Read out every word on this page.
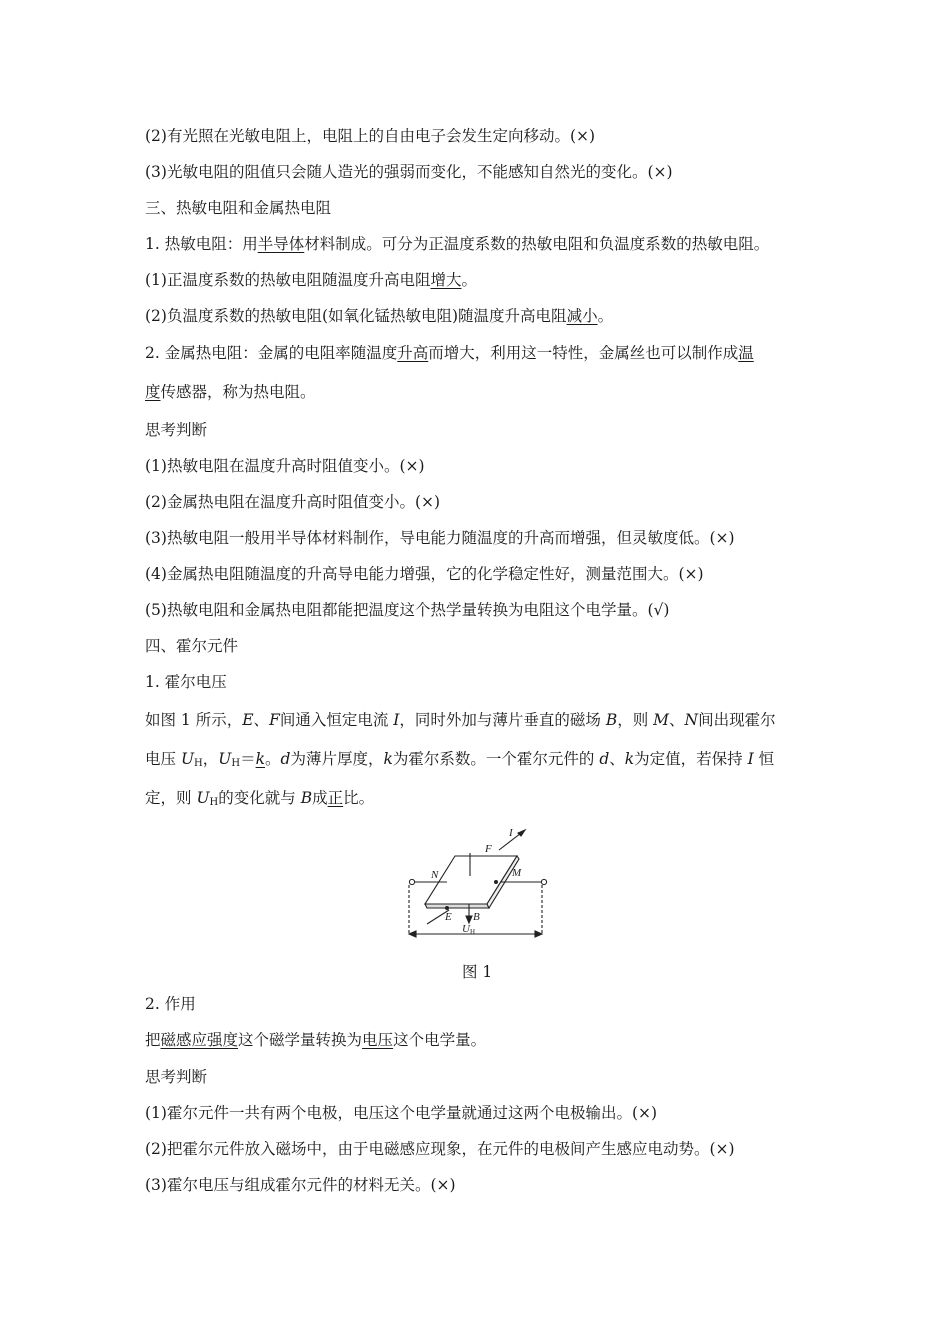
(2)有光照在光敏电阻上，电阻上的自由电子会发生定向移动。(×)
(3)光敏电阻的阻值只会随人造光的强弱而变化，不能感知自然光的变化。(×)
三、热敏电阻和金属热电阻
1. 热敏电阻：用半导体材料制成。可分为正温度系数的热敏电阻和负温度系数的热敏电阻。
(1)正温度系数的热敏电阻随温度升高电阻增大。
(2)负温度系数的热敏电阻(如氧化锰热敏电阻)随温度升高电阻减小。
2. 金属热电阻：金属的电阻率随温度升高而增大，利用这一特性，金属丝也可以制作成温
度传感器，称为热电阻。
思考判断
(1)热敏电阻在温度升高时阻值变小。(×)
(2)金属热电阻在温度升高时阻值变小。(×)
(3)热敏电阻一般用半导体材料制作，导电能力随温度的升高而增强，但灵敏度低。(×)
(4)金属热电阻随温度的升高导电能力增强，它的化学稳定性好，测量范围大。(×)
(5)热敏电阻和金属热电阻都能把温度这个热学量转换为电阻这个电学量。(√)
四、霍尔元件
1. 霍尔电压
如图 1 所示，E、F间通入恒定电流 I，同时外加与薄片垂直的磁场 B，则 M、N间出现霍尔
电压 $U_H$，$U_H=k$。d为薄片厚度，k为霍尔系数。一个霍尔元件的 d、k为定值，若保持 I 恒
定，则 $U_H$的变化就与 B成正比。
I
F
N	M
E B
U H
图 1
2. 作用
把磁感应强度这个磁学量转换为电压这个电学量。
思考判断
(1)霍尔元件一共有两个电极，电压这个电学量就通过这两个电极输出。(×)
(2)把霍尔元件放入磁场中，由于电磁感应现象，在元件的电极间产生感应电动势。(×)
(3)霍尔电压与组成霍尔元件的材料无关。(×)
